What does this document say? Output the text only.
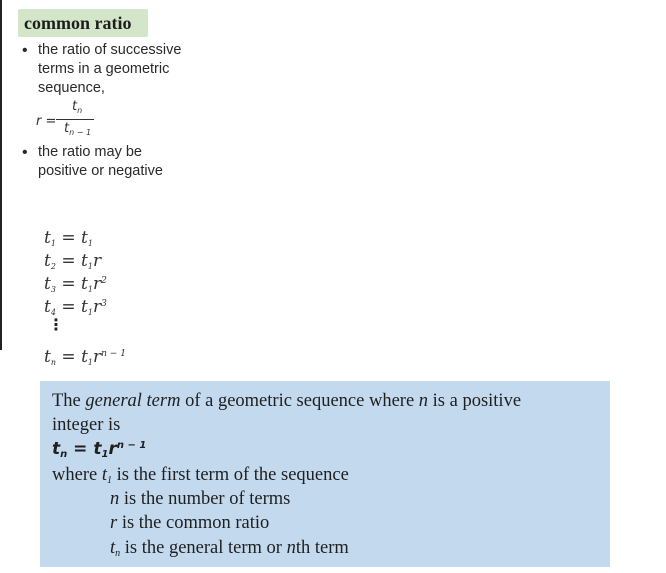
common ratio
• the ratio of successive
terms in a geometric
sequence,
r =
$t_n$
$t_{n - 1}$
• the ratio may be
positive or negative
$t_1 = t_1$
$t_2 = t_1r$
$t_3 = t_1r^2$
$t_4 = t_1r^3$
$t_n = t_1r^{n - 1}$
⋮
The general term of a geometric sequence where n is a positive
integer is
$t_n = t_1r^{n - 1}$
where $t_1$ is the first term of the sequence
n is the number of terms
r is the common ratio
$t_n$ is the general term or nth term
